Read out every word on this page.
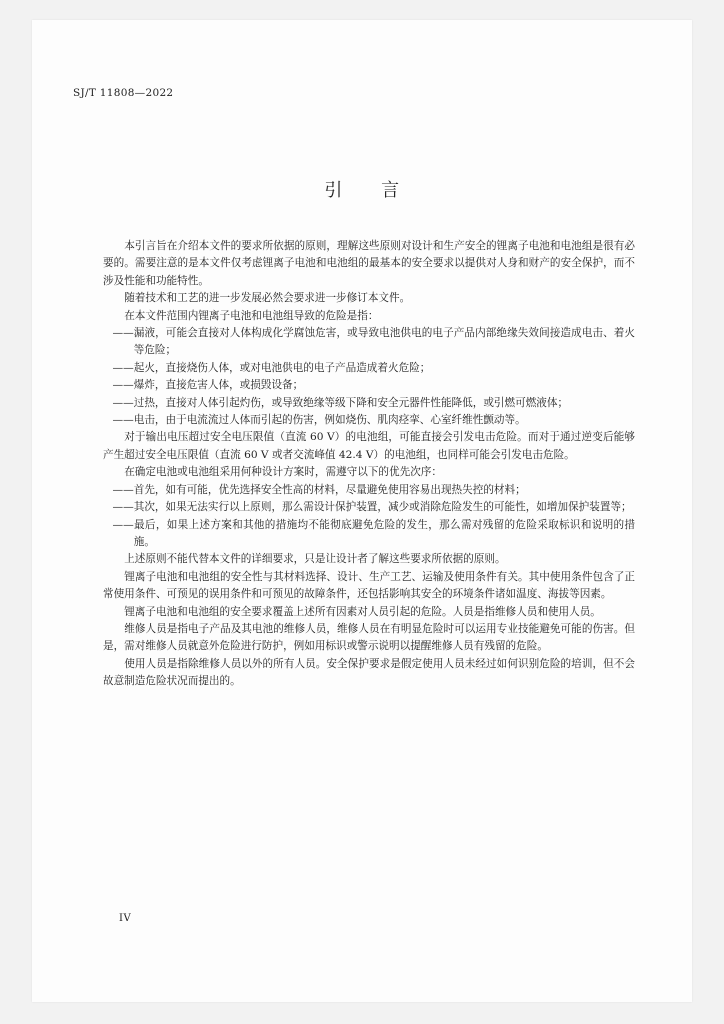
SJ/T 11808—2022
引 言

本引言旨在介绍本文件的要求所依据的原则，理解这些原则对设计和生产安全的锂离子电池和电池组是很有必要的。需要注意的是本文件仅考虑锂离子电池和电池组的最基本的安全要求以提供对人身和财产的安全保护，而不涉及性能和功能特性。

随着技术和工艺的进一步发展必然会要求进一步修订本文件。

在本文件范围内锂离子电池和电池组导致的危险是指：

——漏液，可能会直接对人体构成化学腐蚀危害，或导致电池供电的电子产品内部绝缘失效间接造成电击、着火等危险；

——起火，直接烧伤人体，或对电池供电的电子产品造成着火危险；

——爆炸，直接危害人体，或损毁设备；

——过热，直接对人体引起灼伤，或导致绝缘等级下降和安全元器件性能降低，或引燃可燃液体；

——电击，由于电流流过人体而引起的伤害，例如烧伤、肌肉痉挛、心室纤维性颤动等。

对于输出电压超过安全电压限值（直流 60 V）的电池组，可能直接会引发电击危险。而对于通过逆变后能够产生超过安全电压限值（直流 60 V 或者交流峰值 42.4 V）的电池组，也同样可能会引发电击危险。

在确定电池或电池组采用何种设计方案时，需遵守以下的优先次序：

——首先，如有可能，优先选择安全性高的材料，尽量避免使用容易出现热失控的材料；

——其次，如果无法实行以上原则，那么需设计保护装置，减少或消除危险发生的可能性，如增加保护装置等；

——最后，如果上述方案和其他的措施均不能彻底避免危险的发生，那么需对残留的危险采取标识和说明的措施。

上述原则不能代替本文件的详细要求，只是让设计者了解这些要求所依据的原则。

锂离子电池和电池组的安全性与其材料选择、设计、生产工艺、运输及使用条件有关。其中使用条件包含了正常使用条件、可预见的误用条件和可预见的故障条件，还包括影响其安全的环境条件诸如温度、海拔等因素。

锂离子电池和电池组的安全要求覆盖上述所有因素对人员引起的危险。人员是指维修人员和使用人员。

维修人员是指电子产品及其电池的维修人员，维修人员在有明显危险时可以运用专业技能避免可能的伤害。但是，需对维修人员就意外危险进行防护，例如用标识或警示说明以提醒维修人员有残留的危险。

使用人员是指除维修人员以外的所有人员。安全保护要求是假定使用人员未经过如何识别危险的培训，但不会故意制造危险状况而提出的。

IV
